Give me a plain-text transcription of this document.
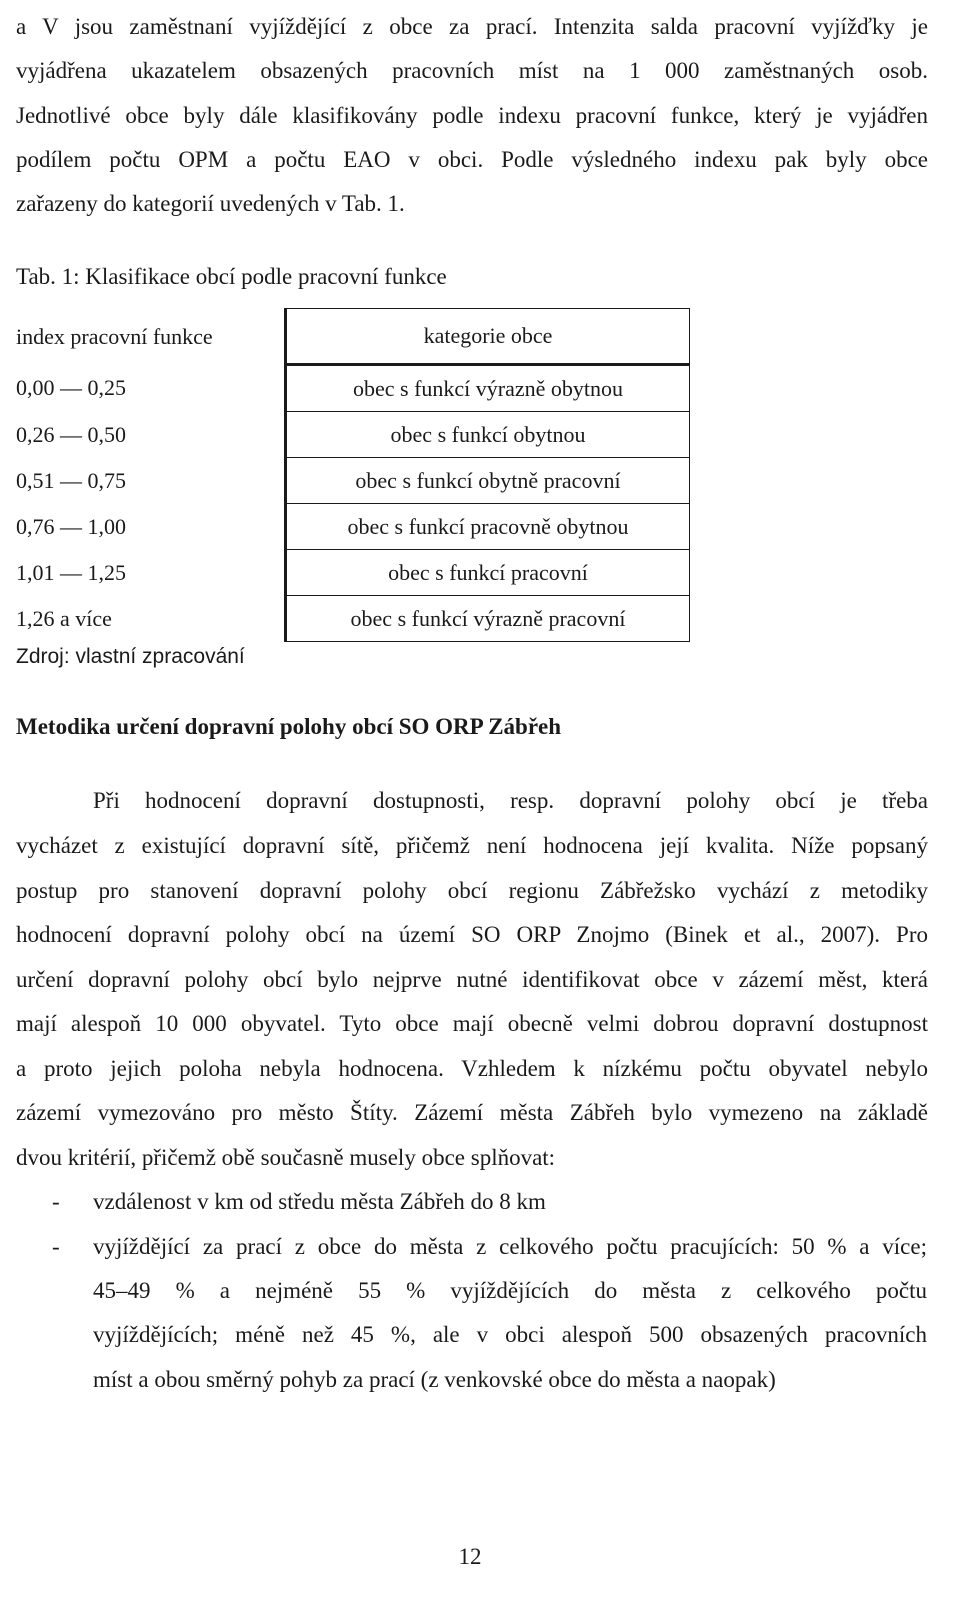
a V jsou zaměstnaní vyjíždějící z obce za prací. Intenzita salda pracovní vyjížďky je
vyjádřena ukazatelem obsazených pracovních míst na 1 000 zaměstnaných osob.
Jednotlivé obce byly dále klasifikovány podle indexu pracovní funkce, který je vyjádřen
podílem počtu OPM a počtu EAO v obci. Podle výsledného indexu pak byly obce
zařazeny do kategorií uvedených v Tab. 1.
Tab. 1: Klasifikace obcí podle pracovní funkce
index pracovní funkce	kategorie obce
0,00 — 0,25	obec s funkcí výrazně obytnou
0,26 — 0,50	obec s funkcí obytnou
0,51 — 0,75	obec s funkcí obytně pracovní
0,76 — 1,00	obec s funkcí pracovně obytnou
1,01 — 1,25	obec s funkcí pracovní
1,26 a více	obec s funkcí výrazně pracovní
Zdroj: vlastní zpracování
Metodika určení dopravní polohy obcí SO ORP Zábřeh
Při hodnocení dopravní dostupnosti, resp. dopravní polohy obcí je třeba
vycházet z existující dopravní sítě, přičemž není hodnocena její kvalita. Níže popsaný
postup pro stanovení dopravní polohy obcí regionu Zábřežsko vychází z metodiky
hodnocení dopravní polohy obcí na území SO ORP Znojmo (Binek et al., 2007). Pro
určení dopravní polohy obcí bylo nejprve nutné identifikovat obce v zázemí měst, která
mají alespoň 10 000 obyvatel. Tyto obce mají obecně velmi dobrou dopravní dostupnost
a proto jejich poloha nebyla hodnocena. Vzhledem k nízkému počtu obyvatel nebylo
zázemí vymezováno pro město Štíty. Zázemí města Zábřeh bylo vymezeno na základě
dvou kritérií, přičemž obě současně musely obce splňovat:
- vzdálenost v km od středu města Zábřeh do 8 km
- vyjíždějící za prací z obce do města z celkového počtu pracujících: 50 % a více;
45–49 % a nejméně 55 % vyjíždějících do města z celkového počtu
vyjíždějících; méně než 45 %, ale v obci alespoň 500 obsazených pracovních
míst a obou směrný pohyb za prací (z venkovské obce do města a naopak)
12
